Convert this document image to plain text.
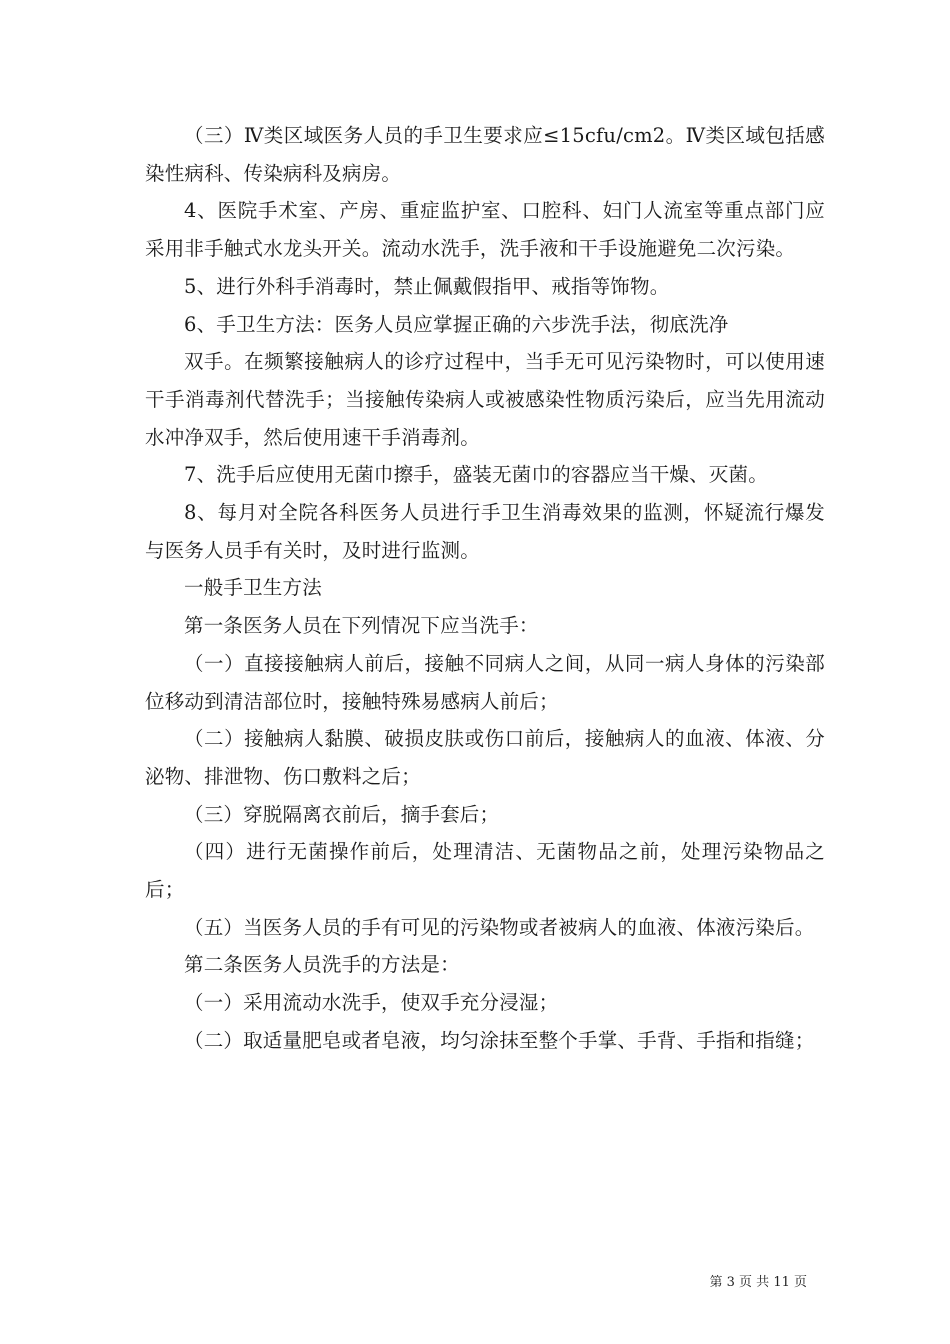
（三）Ⅳ类区域医务人员的手卫生要求应≤15cfu/cm2。Ⅳ类区域包括感染性病科、传染病科及病房。

4、医院手术室、产房、重症监护室、口腔科、妇门人流室等重点部门应采用非手触式水龙头开关。流动水洗手，洗手液和干手设施避免二次污染。

5、进行外科手消毒时，禁止佩戴假指甲、戒指等饰物。

6、手卫生方法：医务人员应掌握正确的六步洗手法，彻底洗净

双手。在频繁接触病人的诊疗过程中，当手无可见污染物时，可以使用速干手消毒剂代替洗手；当接触传染病人或被感染性物质污染后，应当先用流动水冲净双手，然后使用速干手消毒剂。

7、洗手后应使用无菌巾擦手，盛装无菌巾的容器应当干燥、灭菌。

8、每月对全院各科医务人员进行手卫生消毒效果的监测，怀疑流行爆发与医务人员手有关时，及时进行监测。

一般手卫生方法

第一条医务人员在下列情况下应当洗手：

（一）直接接触病人前后，接触不同病人之间，从同一病人身体的污染部位移动到清洁部位时，接触特殊易感病人前后；

（二）接触病人黏膜、破损皮肤或伤口前后，接触病人的血液、体液、分泌物、排泄物、伤口敷料之后；

（三）穿脱隔离衣前后，摘手套后；

（四）进行无菌操作前后，处理清洁、无菌物品之前，处理污染物品之后；

（五）当医务人员的手有可见的污染物或者被病人的血液、体液污染后。

第二条医务人员洗手的方法是：

（一）采用流动水洗手，使双手充分浸湿；

（二）取适量肥皂或者皂液，均匀涂抹至整个手掌、手背、手指和指缝；

第 3 页 共 11 页
